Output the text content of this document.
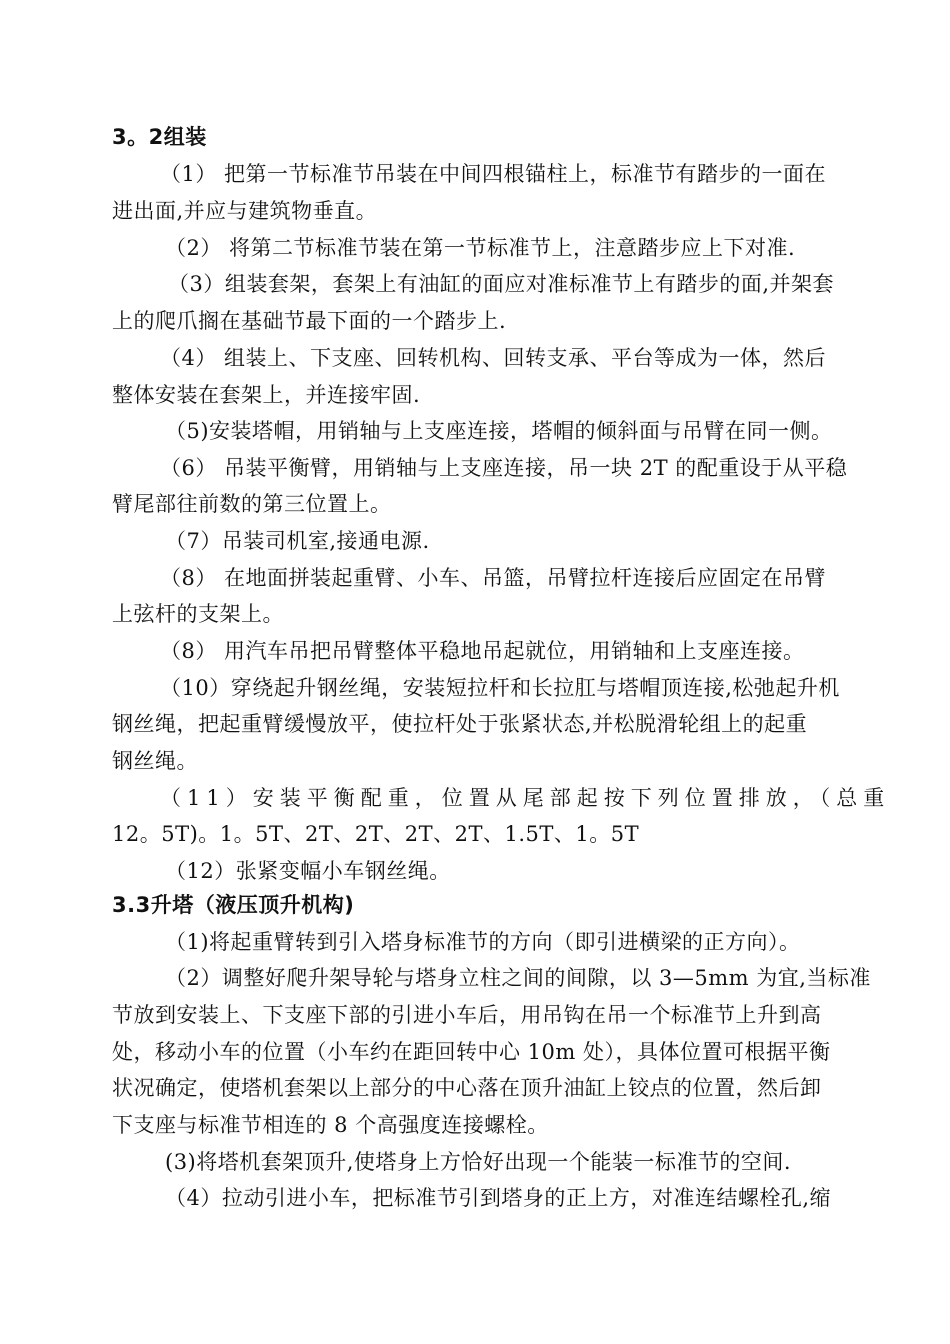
3。2组装
（1） 把第一节标准节吊装在中间四根锚柱上，标准节有踏步的一面在
进出面,并应与建筑物垂直。
（2） 将第二节标准节装在第一节标准节上，注意踏步应上下对准.
（3）组装套架，套架上有油缸的面应对准标准节上有踏步的面,并架套
上的爬爪搁在基础节最下面的一个踏步上.
（4） 组装上、下支座、回转机构、回转支承、平台等成为一体，然后
整体安装在套架上，并连接牢固.
（5)安装塔帽，用销轴与上支座连接，塔帽的倾斜面与吊臂在同一侧。
（6） 吊装平衡臂，用销轴与上支座连接，吊一块 2T 的配重设于从平稳
臂尾部往前数的第三位置上。
（7）吊装司机室,接通电源.
（8） 在地面拼装起重臂、小车、吊篮，吊臂拉杆连接后应固定在吊臂
上弦杆的支架上。
（8） 用汽车吊把吊臂整体平稳地吊起就位，用销轴和上支座连接。
（10）穿绕起升钢丝绳，安装短拉杆和长拉肛与塔帽顶连接,松弛起升机
钢丝绳，把起重臂缓慢放平，使拉杆处于张紧状态,并松脱滑轮组上的起重
钢丝绳。
（11）安装平衡配重，位置从尾部起按下列位置排放，（总重
12。5T)。1。5T、2T、2T、2T、2T、1.5T、1。5T
（12）张紧变幅小车钢丝绳。
3.3升塔（液压顶升机构)
（1)将起重臂转到引入塔身标准节的方向（即引进横梁的正方向）。
（2）调整好爬升架导轮与塔身立柱之间的间隙，以 3—5mm 为宜,当标准
节放到安装上、下支座下部的引进小车后，用吊钩在吊一个标准节上升到高
处，移动小车的位置（小车约在距回转中心 10m 处），具体位置可根据平衡
状况确定，使塔机套架以上部分的中心落在顶升油缸上铰点的位置，然后卸
下支座与标准节相连的 8 个高强度连接螺栓。
(3)将塔机套架顶升,使塔身上方恰好出现一个能装一标准节的空间.
（4）拉动引进小车，把标准节引到塔身的正上方，对准连结螺栓孔,缩
